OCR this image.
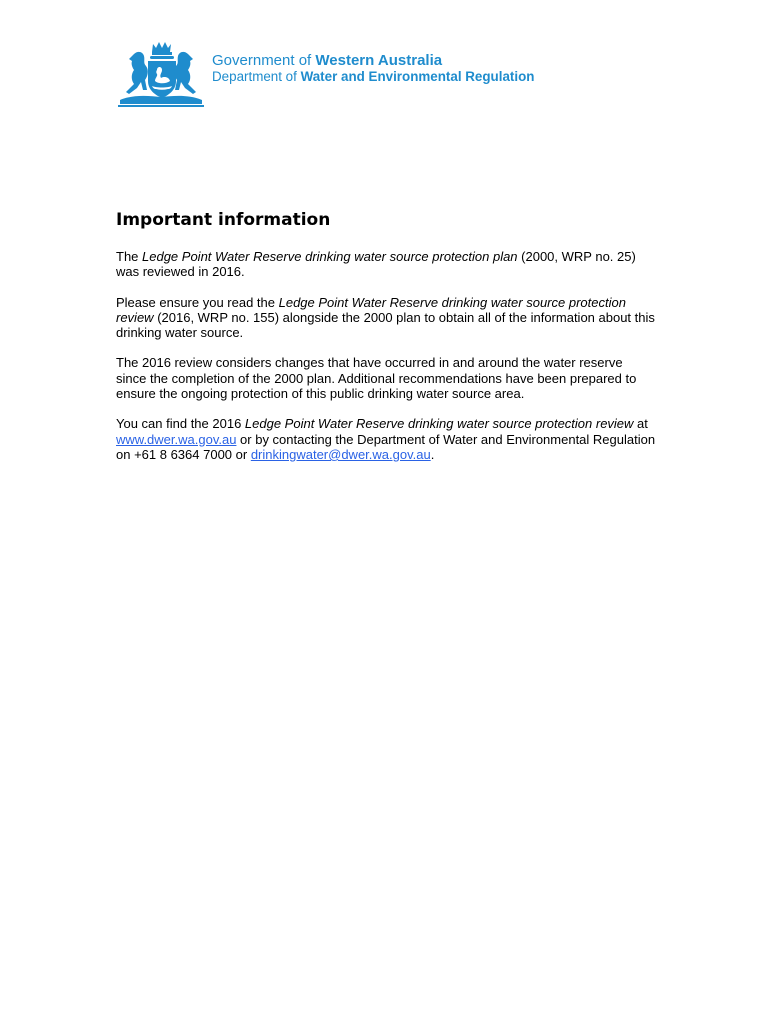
Government of Western Australia
Department of Water and Environmental Regulation
Important information

The Ledge Point Water Reserve drinking water source protection plan (2000, WRP no. 25) was reviewed in 2016.

Please ensure you read the Ledge Point Water Reserve drinking water source protection review (2016, WRP no. 155) alongside the 2000 plan to obtain all of the information about this drinking water source.

The 2016 review considers changes that have occurred in and around the water reserve since the completion of the 2000 plan. Additional recommendations have been prepared to ensure the ongoing protection of this public drinking water source area.

You can find the 2016 Ledge Point Water Reserve drinking water source protection review at www.dwer.wa.gov.au or by contacting the Department of Water and Environmental Regulation on +61 8 6364 7000 or drinkingwater@dwer.wa.gov.au.
